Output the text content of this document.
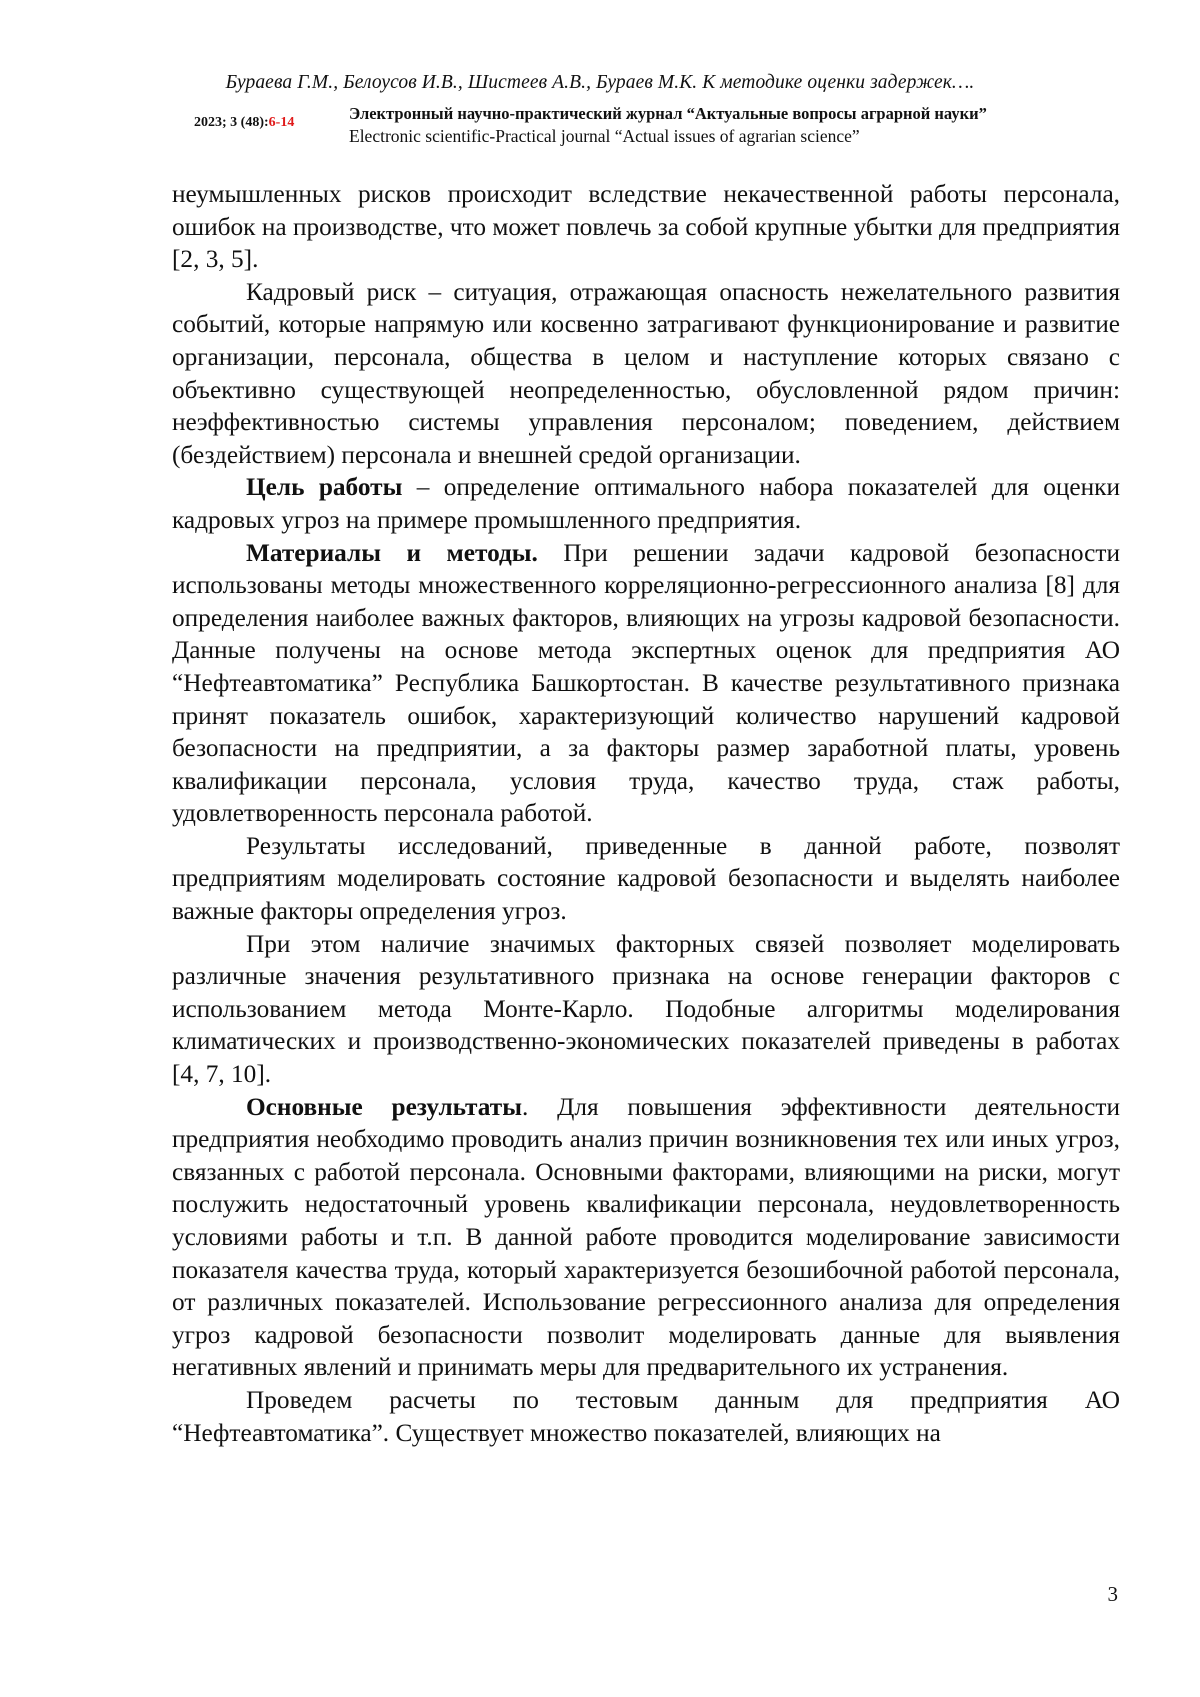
Бураева Г.М., Белоусов И.В., Шистеев А.В., Бураев М.К. К методике оценки задержек….
2023; 3 (48):6-14	Электронный научно-практический журнал “Актуальные вопросы аграрной науки”
Electronic scientific-Practical journal “Actual issues of agrarian science”

неумышленных рисков происходит вследствие некачественной работы персонала, ошибок на производстве, что может повлечь за собой крупные убытки для предприятия [2, 3, 5].

Кадровый риск – ситуация, отражающая опасность нежелательного развития событий, которые напрямую или косвенно затрагивают функционирование и развитие организации, персонала, общества в целом и наступление которых связано с объективно существующей неопределенностью, обусловленной рядом причин: неэффективностью системы управления персоналом; поведением, действием (бездействием) персонала и внешней средой организации.

Цель работы – определение оптимального набора показателей для оценки кадровых угроз на примере промышленного предприятия.

Материалы и методы. При решении задачи кадровой безопасности использованы методы множественного корреляционно-регрессионного анализа [8] для определения наиболее важных факторов, влияющих на угрозы кадровой безопасности. Данные получены на основе метода экспертных оценок для предприятия АО “Нефтеавтоматика” Республика Башкортостан. В качестве результативного признака принят показатель ошибок, характеризующий количество нарушений кадровой безопасности на предприятии, а за факторы размер заработной платы, уровень квалификации персонала, условия труда, качество труда, стаж работы, удовлетворенность персонала работой.

Результаты исследований, приведенные в данной работе, позволят предприятиям моделировать состояние кадровой безопасности и выделять наиболее важные факторы определения угроз.

При этом наличие значимых факторных связей позволяет моделировать различные значения результативного признака на основе генерации факторов с использованием метода Монте-Карло. Подобные алгоритмы моделирования климатических и производственно-экономических показателей приведены в работах [4, 7, 10].

Основные результаты. Для повышения эффективности деятельности предприятия необходимо проводить анализ причин возникновения тех или иных угроз, связанных с работой персонала. Основными факторами, влияющими на риски, могут послужить недостаточный уровень квалификации персонала, неудовлетворенность условиями работы и т.п. В данной работе проводится моделирование зависимости показателя качества труда, который характеризуется безошибочной работой персонала, от различных показателей. Использование регрессионного анализа для определения угроз кадровой безопасности позволит моделировать данные для выявления негативных явлений и принимать меры для предварительного их устранения.

Проведем расчеты по тестовым данным для предприятия АО “Нефтеавтоматика”. Существует множество показателей, влияющих на

3
